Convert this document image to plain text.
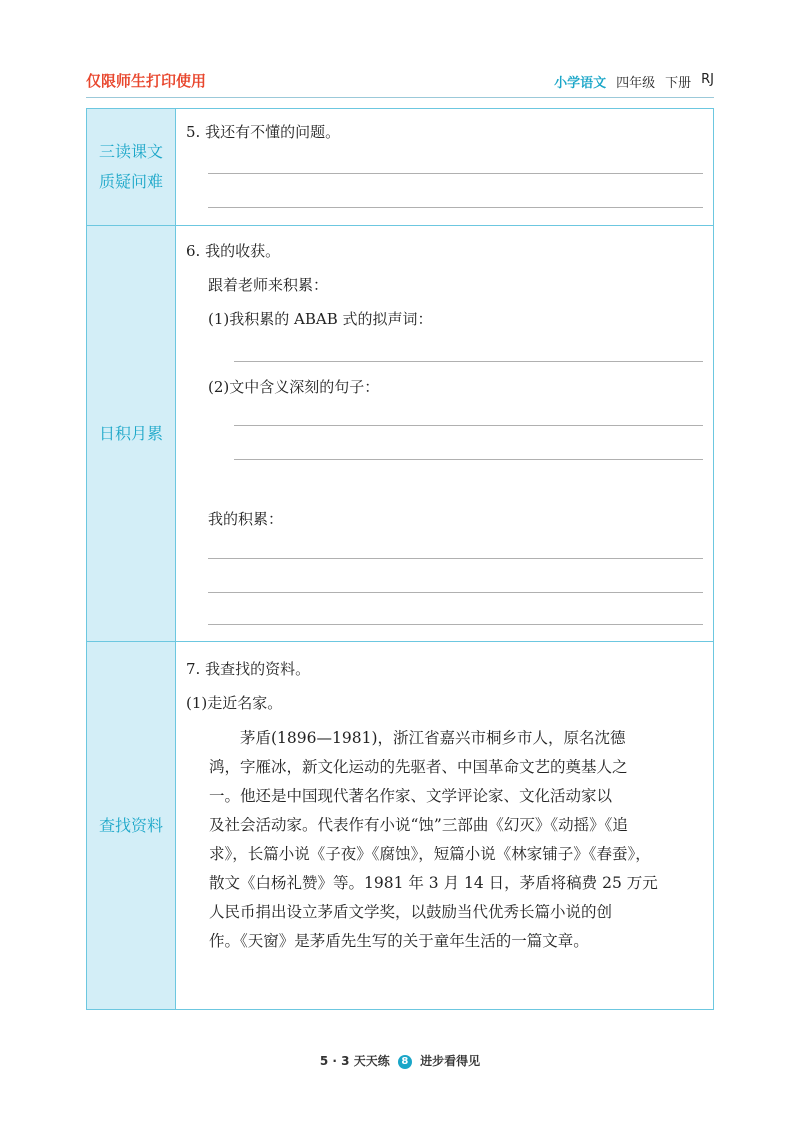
仅限师生打印使用	小学语文 四年级 下册 RJ
三读课文
质疑问难
5. 我还有不懂的问题。
日积月累
6. 我的收获。
跟着老师来积累：
(1)我积累的 ABAB 式的拟声词：
(2)文中含义深刻的句子：
我的积累：
查找资料
7. 我查找的资料。
(1)走近名家。

　　茅盾(1896—1981)，浙江省嘉兴市桐乡市人，原名沈德

鸿，字雁冰，新文化运动的先驱者、中国革命文艺的奠基人之

一。他还是中国现代著名作家、文学评论家、文化活动家以

及社会活动家。代表作有小说“蚀”三部曲《幻灭》《动摇》《追

求》，长篇小说《子夜》《腐蚀》，短篇小说《林家铺子》《春蚕》，

散文《白杨礼赞》等。1981 年 3 月 14 日，茅盾将稿费 25 万元

人民币捐出设立茅盾文学奖，以鼓励当代优秀长篇小说的创

作。《天窗》是茅盾先生写的关于童年生活的一篇文章。

5 · 3 天天练 8 进步看得见
